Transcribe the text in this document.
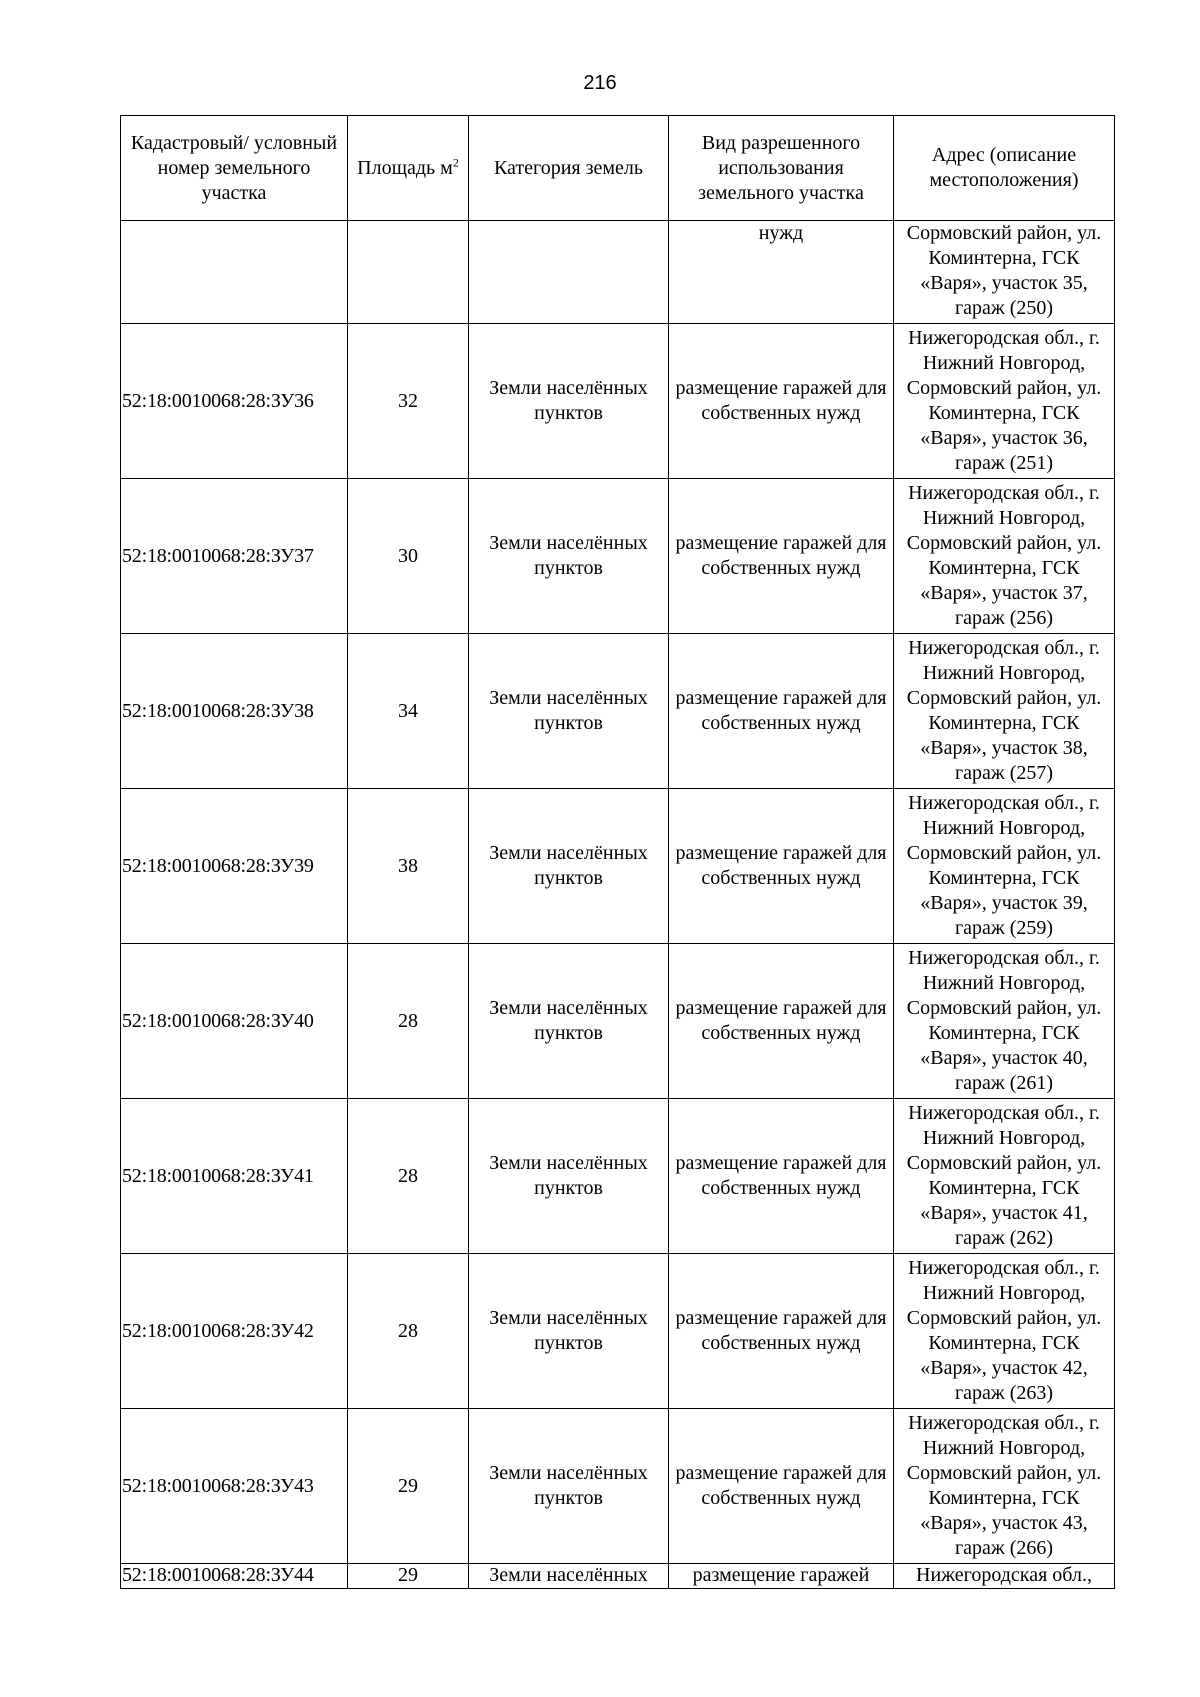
216
Кадастровый/ условный номер земельного участка	Площадь $м^2$	Категория земель	Вид разрешенного использования земельного участка	Адрес (описание местоположения)
			нужд	Сормовский район, ул. Коминтерна, ГСК «Варя», участок 35, гараж (250)
52:18:0010068:28:ЗУ36	32	Земли населённых пунктов	размещение гаражей для собственных нужд	Нижегородская обл., г. Нижний Новгород, Сормовский район, ул. Коминтерна, ГСК «Варя», участок 36, гараж (251)
52:18:0010068:28:ЗУ37	30	Земли населённых пунктов	размещение гаражей для собственных нужд	Нижегородская обл., г. Нижний Новгород, Сормовский район, ул. Коминтерна, ГСК «Варя», участок 37, гараж (256)
52:18:0010068:28:ЗУ38	34	Земли населённых пунктов	размещение гаражей для собственных нужд	Нижегородская обл., г. Нижний Новгород, Сормовский район, ул. Коминтерна, ГСК «Варя», участок 38, гараж (257)
52:18:0010068:28:ЗУ39	38	Земли населённых пунктов	размещение гаражей для собственных нужд	Нижегородская обл., г. Нижний Новгород, Сормовский район, ул. Коминтерна, ГСК «Варя», участок 39, гараж (259)
52:18:0010068:28:ЗУ40	28	Земли населённых пунктов	размещение гаражей для собственных нужд	Нижегородская обл., г. Нижний Новгород, Сормовский район, ул. Коминтерна, ГСК «Варя», участок 40, гараж (261)
52:18:0010068:28:ЗУ41	28	Земли населённых пунктов	размещение гаражей для собственных нужд	Нижегородская обл., г. Нижний Новгород, Сормовский район, ул. Коминтерна, ГСК «Варя», участок 41, гараж (262)
52:18:0010068:28:ЗУ42	28	Земли населённых пунктов	размещение гаражей для собственных нужд	Нижегородская обл., г. Нижний Новгород, Сормовский район, ул. Коминтерна, ГСК «Варя», участок 42, гараж (263)
52:18:0010068:28:ЗУ43	29	Земли населённых пунктов	размещение гаражей для собственных нужд	Нижегородская обл., г. Нижний Новгород, Сормовский район, ул. Коминтерна, ГСК «Варя», участок 43, гараж (266)
52:18:0010068:28:ЗУ44	29	Земли населённых	размещение гаражей	Нижегородская обл.,
